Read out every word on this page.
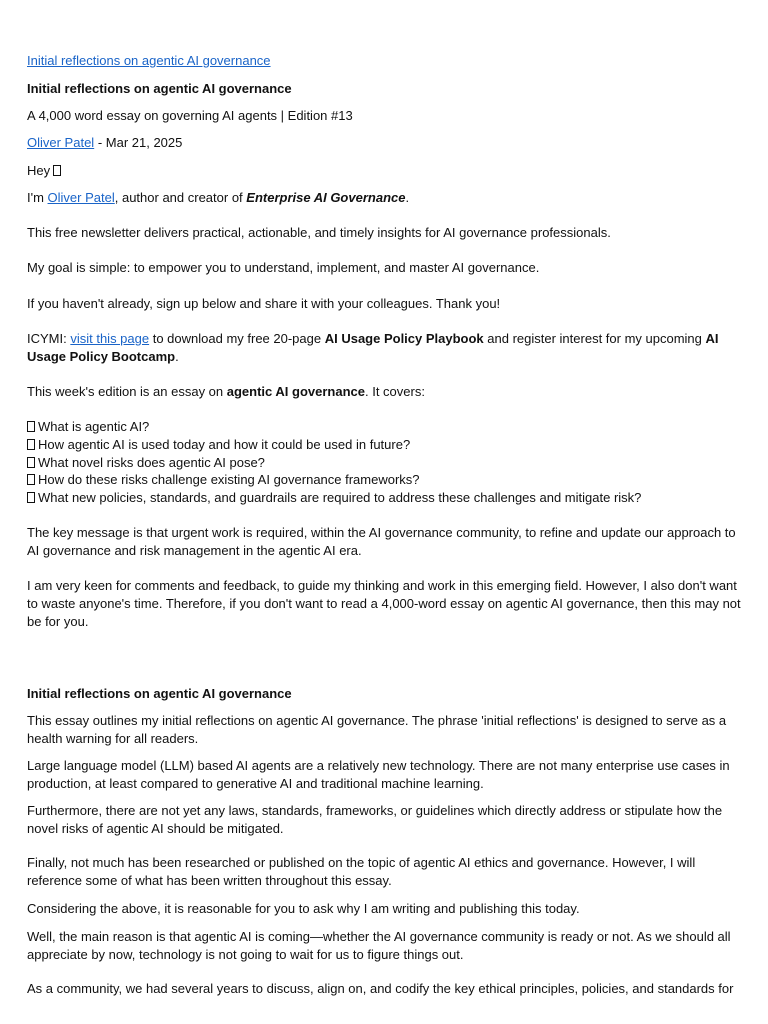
Initial reflections on agentic AI governance
Initial reflections on agentic AI governance
A 4,000 word essay on governing AI agents | Edition #13
Oliver Patel - Mar 21, 2025
Hey
I'm Oliver Patel, author and creator of Enterprise AI Governance.
This free newsletter delivers practical, actionable, and timely insights for AI governance professionals.
My goal is simple: to empower you to understand, implement, and master AI governance.
If you haven't already, sign up below and share it with your colleagues. Thank you!
ICYMI: visit this page to download my free 20-page AI Usage Policy Playbook and register interest for my upcoming AI Usage Policy Bootcamp.
This week's edition is an essay on agentic AI governance. It covers:
What is agentic AI?
How agentic AI is used today and how it could be used in future?
What novel risks does agentic AI pose?
How do these risks challenge existing AI governance frameworks?
What new policies, standards, and guardrails are required to address these challenges and mitigate risk?
The key message is that urgent work is required, within the AI governance community, to refine and update our approach to AI governance and risk management in the agentic AI era.
I am very keen for comments and feedback, to guide my thinking and work in this emerging field. However, I also don't want to waste anyone's time. Therefore, if you don't want to read a 4,000-word essay on agentic AI governance, then this may not be for you.
Initial reflections on agentic AI governance
This essay outlines my initial reflections on agentic AI governance. The phrase 'initial reflections' is designed to serve as a health warning for all readers.
Large language model (LLM) based AI agents are a relatively new technology. There are not many enterprise use cases in production, at least compared to generative AI and traditional machine learning.
Furthermore, there are not yet any laws, standards, frameworks, or guidelines which directly address or stipulate how the novel risks of agentic AI should be mitigated.
Finally, not much has been researched or published on the topic of agentic AI ethics and governance. However, I will reference some of what has been written throughout this essay.
Considering the above, it is reasonable for you to ask why I am writing and publishing this today.
Well, the main reason is that agentic AI is coming—whether the AI governance community is ready or not. As we should all appreciate by now, technology is not going to wait for us to figure things out.
As a community, we had several years to discuss, align on, and codify the key ethical principles, policies, and standards for
